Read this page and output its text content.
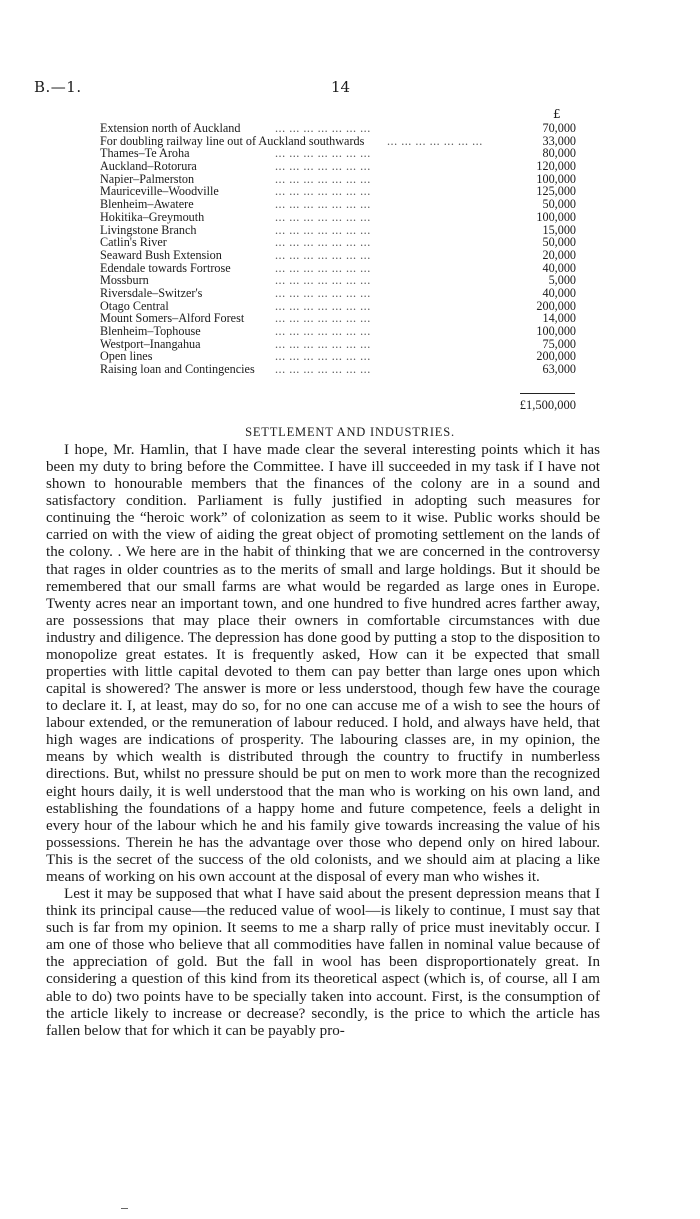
B.—1.	14
£
... ... ... ... ... ... ...
Extension north of Auckland	70,000
... ... ... ... ... ... ...
For doubling railway line out of Auckland southwards	33,000
... ... ... ... ... ... ...
Thames–Te Aroha	80,000
... ... ... ... ... ... ...
Auckland–Rotorura	120,000
... ... ... ... ... ... ...
Napier–Palmerston	100,000
... ... ... ... ... ... ...
Mauriceville–Woodville	125,000
... ... ... ... ... ... ...
Blenheim–Awatere	50,000
... ... ... ... ... ... ...
Hokitika–Greymouth	100,000
... ... ... ... ... ... ...
Livingstone Branch	15,000
... ... ... ... ... ... ...
Catlin's River	50,000
... ... ... ... ... ... ...
Seaward Bush Extension	20,000
... ... ... ... ... ... ...
Edendale towards Fortrose	40,000
... ... ... ... ... ... ...
Mossburn	5,000
... ... ... ... ... ... ...
Riversdale–Switzer's	40,000
... ... ... ... ... ... ...
Otago Central	200,000
... ... ... ... ... ... ...
Mount Somers–Alford Forest	14,000
... ... ... ... ... ... ...
Blenheim–Tophouse	100,000
... ... ... ... ... ... ...
Westport–Inangahua	75,000
... ... ... ... ... ... ...
Open lines	200,000
... ... ... ... ... ... ...
Raising loan and Contingencies	63,000
£1,500,000
SETTLEMENT AND INDUSTRIES.

I hope, Mr. Hamlin, that I have made clear the several interesting points which it has been my duty to bring before the Committee. I have ill succeeded in my task if I have not shown to honourable members that the finances of the colony are in a sound and satisfactory condition. Parliament is fully justified in adopting such measures for continuing the “heroic work” of colonization as seem to it wise. Public works should be carried on with the view of aiding the great object of promoting settlement on the lands of the colony. . We here are in the habit of thinking that we are concerned in the controversy that rages in older countries as to the merits of small and large holdings. But it should be remembered that our small farms are what would be regarded as large ones in Europe. Twenty acres near an important town, and one hundred to five hundred acres farther away, are possessions that may place their owners in comfortable circumstances with due industry and diligence. The depression has done good by putting a stop to the disposition to monopolize great estates. It is frequently asked, How can it be expected that small properties with little capital devoted to them can pay better than large ones upon which capital is showered? The answer is more or less understood, though few have the courage to declare it. I, at least, may do so, for no one can accuse me of a wish to see the hours of labour extended, or the remuneration of labour reduced. I hold, and always have held, that high wages are indications of prosperity. The labouring classes are, in my opinion, the means by which wealth is distributed through the country to fructify in numberless directions. But, whilst no pressure should be put on men to work more than the recognized eight hours daily, it is well understood that the man who is working on his own land, and establishing the foundations of a happy home and future competence, feels a delight in every hour of the labour which he and his family give towards increasing the value of his possessions. Therein he has the advantage over those who depend only on hired labour. This is the secret of the success of the old colonists, and we should aim at placing a like means of working on his own account at the disposal of every man who wishes it.

Lest it may be supposed that what I have said about the present depression means that I think its principal cause—the reduced value of wool—is likely to continue, I must say that such is far from my opinion. It seems to me a sharp rally of price must inevitably occur. I am one of those who believe that all commodities have fallen in nominal value because of the appreciation of gold. But the fall in wool has been disproportionately great. In considering a question of this kind from its theoretical aspect (which is, of course, all I am able to do) two points have to be specially taken into account. First, is the consumption of the article likely to increase or decrease? secondly, is the price to which the article has fallen below that for which it can be payably pro-
